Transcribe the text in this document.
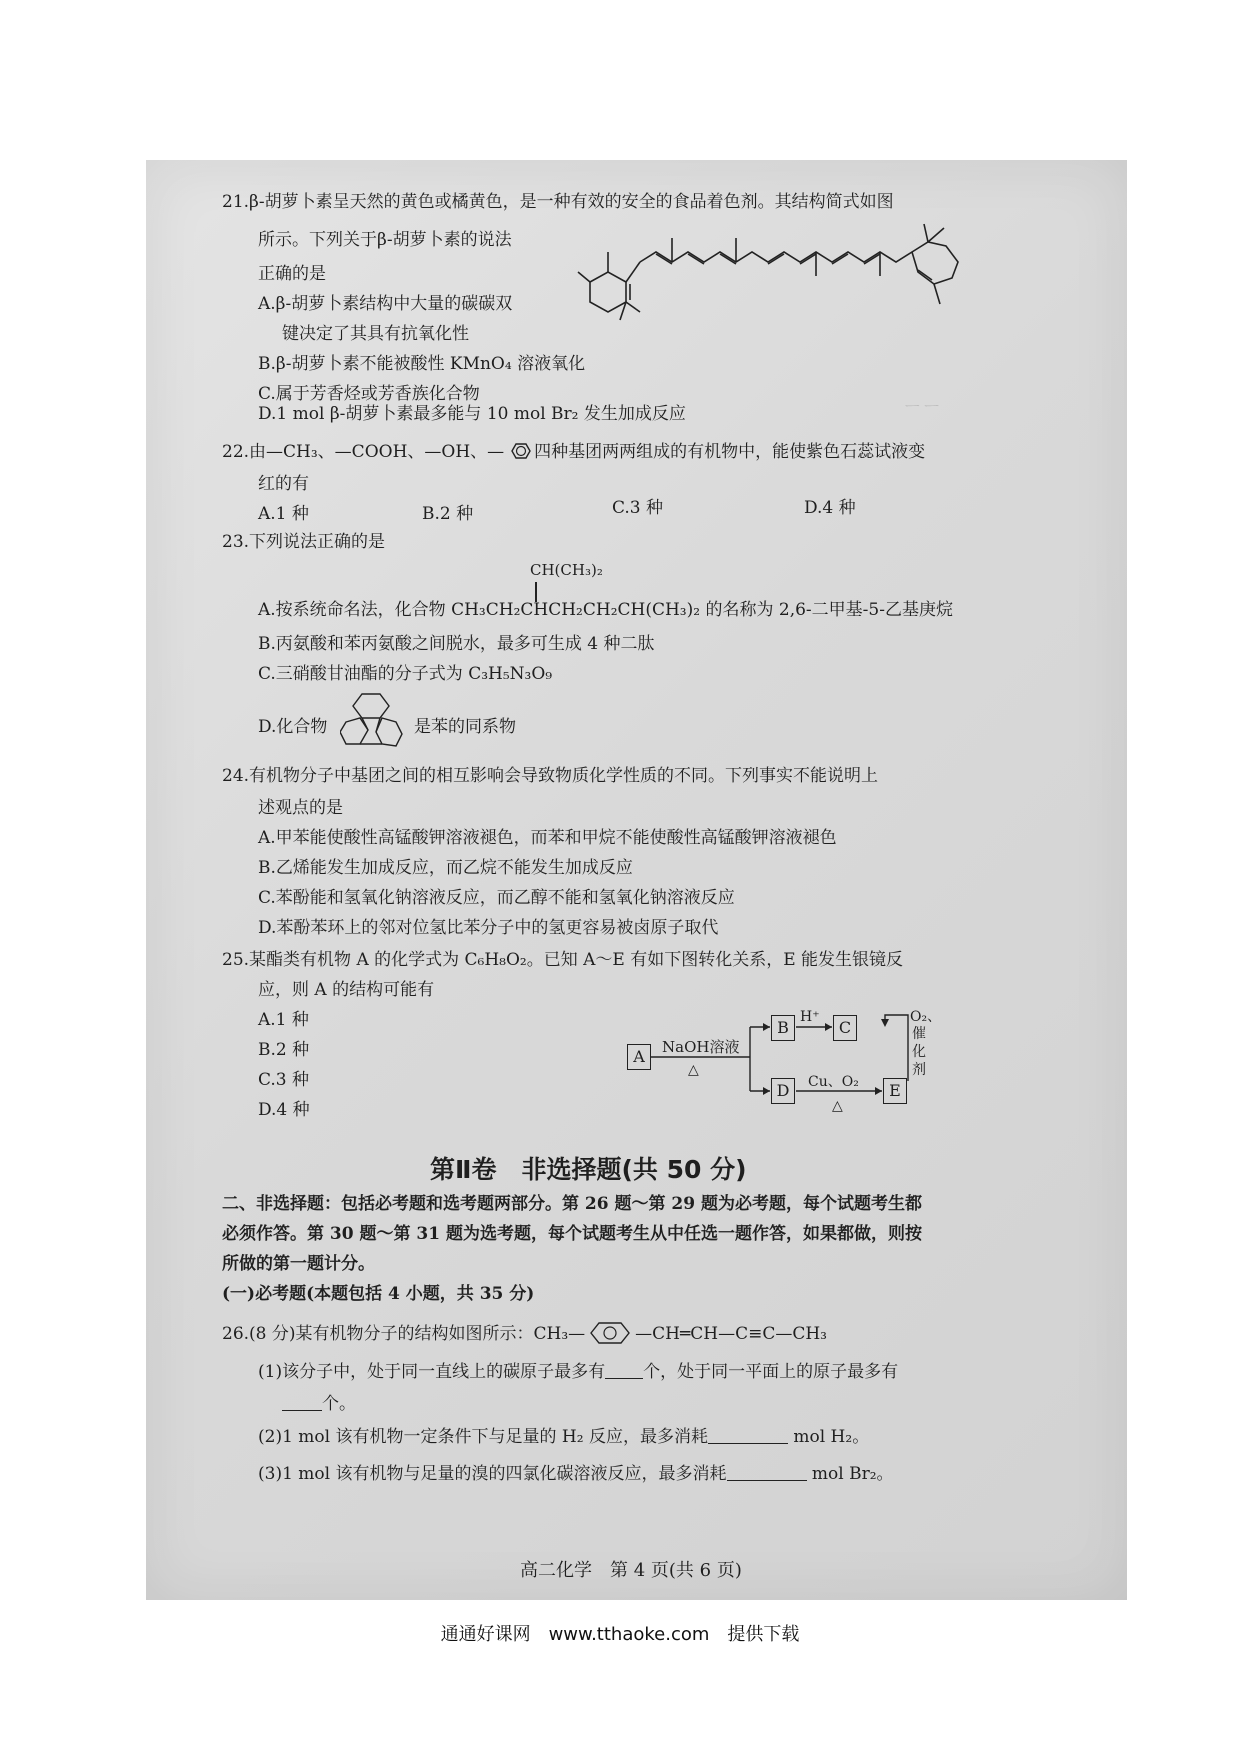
ᅳ ᅳ
21.β-胡萝卜素呈天然的黄色或橘黄色，是一种有效的安全的食品着色剂。其结构简式如图
所示。下列关于β-胡萝卜素的说法
正确的是
A.β-胡萝卜素结构中大量的碳碳双
键决定了其具有抗氧化性
B.β-胡萝卜素不能被酸性 KMnO₄ 溶液氧化
C.属于芳香烃或芳香族化合物
D.1 mol β-胡萝卜素最多能与 10 mol Br₂ 发生加成反应
22.由—CH₃、—COOH、—OH、— 四种基团两两组成的有机物中，能使紫色石蕊试液变
红的有
A.1 种	B.2 种	C.3 种	D.4 种
23.下列说法正确的是
CH(CH₃)₂
A.按系统命名法，化合物 CH₃CH₂CHCH₂CH₂CH(CH₃)₂ 的名称为 2,6-二甲基-5-乙基庚烷
B.丙氨酸和苯丙氨酸之间脱水，最多可生成 4 种二肽
C.三硝酸甘油酯的分子式为 C₃H₅N₃O₉
D.化合物	是苯的同系物
24.有机物分子中基团之间的相互影响会导致物质化学性质的不同。下列事实不能说明上
述观点的是
A.甲苯能使酸性高锰酸钾溶液褪色，而苯和甲烷不能使酸性高锰酸钾溶液褪色
B.乙烯能发生加成反应，而乙烷不能发生加成反应
C.苯酚能和氢氧化钠溶液反应，而乙醇不能和氢氧化钠溶液反应
D.苯酚苯环上的邻对位氢比苯分子中的氢更容易被卤原子取代
25.某酯类有机物 A 的化学式为 C₆H₈O₂。已知 A～E 有如下图转化关系，E 能发生银镜反
应，则 A 的结构可能有
A.1 种
B.2 种
C.3 种
D.4 种
A
B	C
D	E
NaOH溶液
△
H⁺
Cu、O₂
△
O₂、
催
化
剂
第Ⅱ卷　非选择题(共 50 分)
二、非选择题：包括必考题和选考题两部分。第 26 题～第 29 题为必考题，每个试题考生都
必须作答。第 30 题～第 31 题为选考题，每个试题考生从中任选一题作答，如果都做，则按
所做的第一题计分。
(一)必考题(本题包括 4 小题，共 35 分)
26.(8 分)某有机物分子的结构如图所示：CH₃—	—CH═CH—C≡C—CH₃
(1)该分子中，处于同一直线上的碳原子最多有 个，处于同一平面上的原子最多有
个。
(2)1 mol 该有机物一定条件下与足量的 H₂ 反应，最多消耗	mol H₂。
(3)1 mol 该有机物与足量的溴的四氯化碳溶液反应，最多消耗	mol Br₂。
高二化学　第 4 页(共 6 页)
通通好课网　www.tthaoke.com　提供下载
